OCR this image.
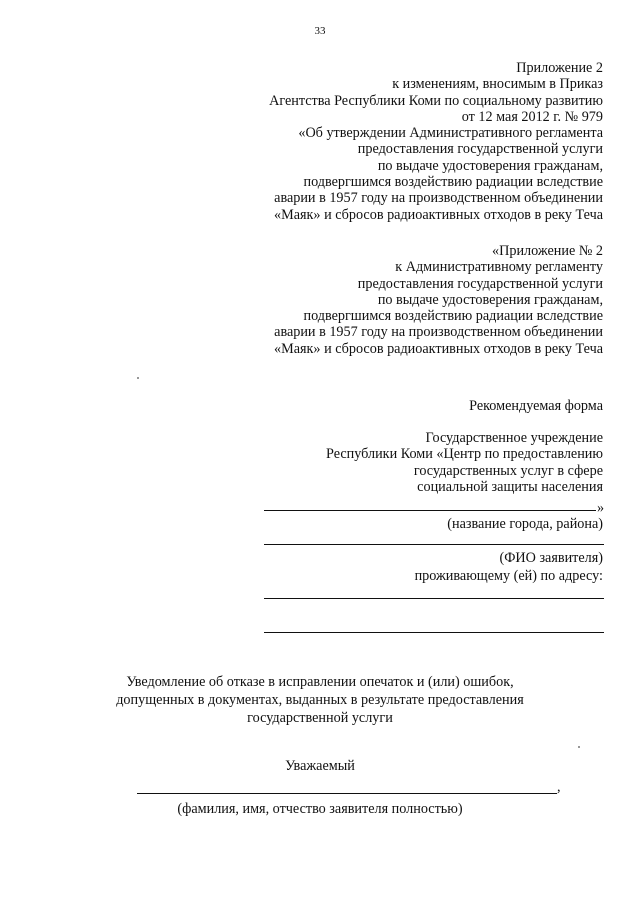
33
Приложение 2
к изменениям, вносимым в Приказ
Агентства Республики Коми по социальному развитию
от 12 мая 2012 г. № 979
«Об утверждении Административного регламента
предоставления государственной услуги
по выдаче удостоверения гражданам,
подвергшимся воздействию радиации вследствие
аварии в 1957 году на производственном объединении
«Маяк» и сбросов радиоактивных отходов в реку Теча
«Приложение № 2
к Административному регламенту
предоставления государственной услуги
по выдаче удостоверения гражданам,
подвергшимся воздействию радиации вследствие
аварии в 1957 году на производственном объединении
«Маяк» и сбросов радиоактивных отходов в реку Теча
Рекомендуемая форма
Государственное учреждение
Республики Коми «Центр по предоставлению
государственных услуг в сфере
социальной защиты населения
»
(название города, района)
(ФИО заявителя)
проживающему (ей) по адресу:
Уведомление об отказе в исправлении опечаток и (или) ошибок,
допущенных в документах, выданных в результате предоставления
государственной услуги
Уважаемый
,
(фамилия, имя, отчество заявителя полностью)
